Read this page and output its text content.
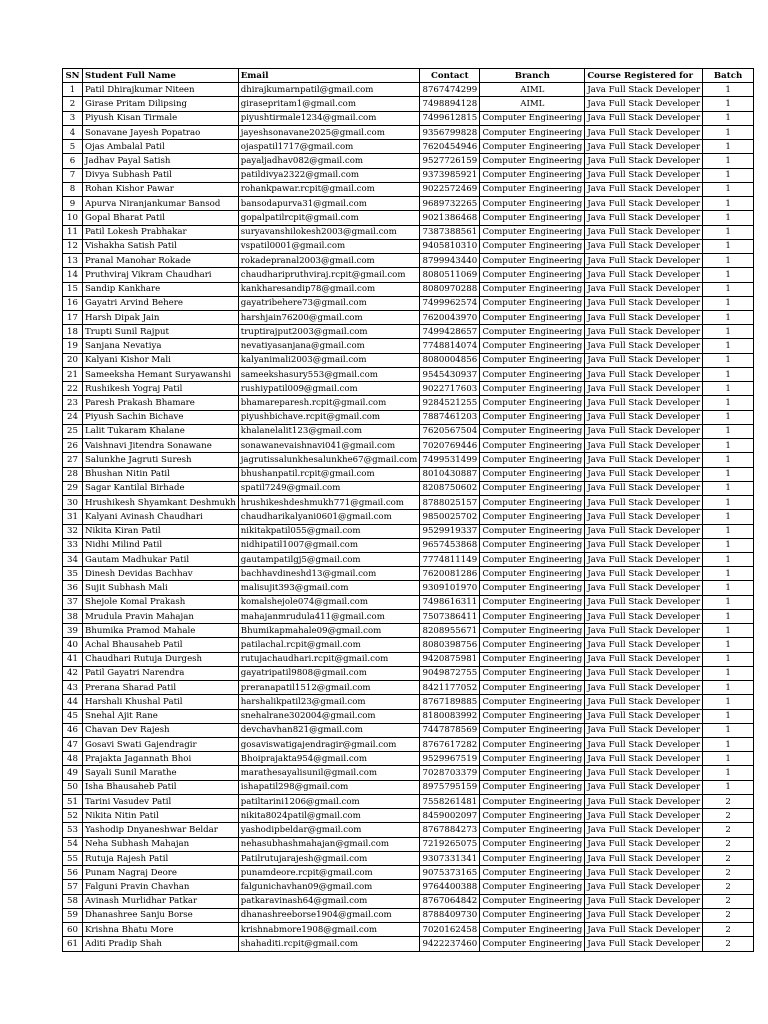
SN	Student Full Name	Email	Contact	Branch	Course Registered for	Batch
1	Patil Dhirajkumar Niteen	dhirajkumarnpatil@gmail.com	8767474299	AIML	Java Full Stack Developer	1
2	Girase Pritam Dilipsing	girasepritam1@gmail.com	7498894128	AIML	Java Full Stack Developer	1
3	Piyush Kisan Tirmale	piyushtirmale1234@gmail.com	7499612815	Computer Engineering	Java Full Stack Developer	1
4	Sonavane Jayesh Popatrao	jayeshsonavane2025@gmail.com	9356799828	Computer Engineering	Java Full Stack Developer	1
5	Ojas Ambalal Patil	ojaspatil1717@gmail.com	7620454946	Computer Engineering	Java Full Stack Developer	1
6	Jadhav Payal Satish	payaljadhav082@gmail.com	9527726159	Computer Engineering	Java Full Stack Developer	1
7	Divya Subhash Patil	patildivya2322@gmail.com	9373985921	Computer Engineering	Java Full Stack Developer	1
8	Rohan Kishor Pawar	rohankpawar.rcpit@gmail.com	9022572469	Computer Engineering	Java Full Stack Developer	1
9	Apurva Niranjankumar Bansod	bansodapurva31@gmail.com	9689732265	Computer Engineering	Java Full Stack Developer	1
10	Gopal Bharat Patil	gopalpatilrcpit@gmail.com	9021386468	Computer Engineering	Java Full Stack Developer	1
11	Patil Lokesh Prabhakar	suryavanshilokesh2003@gmail.com	7387388561	Computer Engineering	Java Full Stack Developer	1
12	Vishakha Satish Patil	vspatil0001@gmail.com	9405810310	Computer Engineering	Java Full Stack Developer	1
13	Pranal Manohar Rokade	rokadepranal2003@gmail.com	8799943440	Computer Engineering	Java Full Stack Developer	1
14	Pruthviraj Vikram Chaudhari	chaudharipruthviraj.rcpit@gmail.com	8080511069	Computer Engineering	Java Full Stack Developer	1
15	Sandip Kankhare	kankharesandip78@gmail.com	8080970288	Computer Engineering	Java Full Stack Developer	1
16	Gayatri Arvind Behere	gayatribehere73@gmail.com	7499962574	Computer Engineering	Java Full Stack Developer	1
17	Harsh Dipak Jain	harshjain76200@gmail.com	7620043970	Computer Engineering	Java Full Stack Developer	1
18	Trupti Sunil Rajput	truptirajput2003@gmail.com	7499428657	Computer Engineering	Java Full Stack Developer	1
19	Sanjana Nevatiya	nevatiyasanjana@gmail.com	7748814074	Computer Engineering	Java Full Stack Developer	1
20	Kalyani Kishor Mali	kalyanimali2003@gmail.com	8080004856	Computer Engineering	Java Full Stack Developer	1
21	Sameeksha Hemant Suryawanshi	sameekshasury553@gmail.com	9545430937	Computer Engineering	Java Full Stack Developer	1
22	Rushikesh Yograj Patil	rushiypatil009@gmail.com	9022717603	Computer Engineering	Java Full Stack Developer	1
23	Paresh Prakash Bhamare	bhamareparesh.rcpit@gmail.com	9284521255	Computer Engineering	Java Full Stack Developer	1
24	Piyush Sachin Bichave	piyushbichave.rcpit@gmail.com	7887461203	Computer Engineering	Java Full Stack Developer	1
25	Lalit Tukaram Khalane	khalanelalit123@gmail.com	7620567504	Computer Engineering	Java Full Stack Developer	1
26	Vaishnavi Jitendra Sonawane	sonawanevaishnavi041@gmail.com	7020769446	Computer Engineering	Java Full Stack Developer	1
27	Salunkhe Jagruti Suresh	jagrutissalunkhesalunkhe67@gmail.com	7499531499	Computer Engineering	Java Full Stack Developer	1
28	Bhushan Nitin Patil	bhushanpatil.rcpit@gmail.com	8010430887	Computer Engineering	Java Full Stack Developer	1
29	Sagar Kantilal Birhade	spatil7249@gmail.com	8208750602	Computer Engineering	Java Full Stack Developer	1
30	Hrushikesh Shyamkant Deshmukh	hrushikeshdeshmukh771@gmail.com	8788025157	Computer Engineering	Java Full Stack Developer	1
31	Kalyani Avinash Chaudhari	chaudharikalyani0601@gmail.com	9850025702	Computer Engineering	Java Full Stack Developer	1
32	Nikita Kiran Patil	nikitakpatil055@gmail.com	9529919337	Computer Engineering	Java Full Stack Developer	1
33	Nidhi Milind Patil	nidhipatil1007@gmail.com	9657453868	Computer Engineering	Java Full Stack Developer	1
34	Gautam Madhukar Patil	gautampatilgj5@gmail.com	7774811149	Computer Engineering	Java Full Stack Developer	1
35	Dinesh Devidas Bachhav	bachhavdineshd13@gmail.com	7620081286	Computer Engineering	Java Full Stack Developer	1
36	Sujit Subhash Mali	malisujit393@gmail.com	9309101970	Computer Engineering	Java Full Stack Developer	1
37	Shejole Komal Prakash	komalshejole074@gmail.com	7498616311	Computer Engineering	Java Full Stack Developer	1
38	Mrudula Pravin Mahajan	mahajanmrudula411@gmail.com	7507386411	Computer Engineering	Java Full Stack Developer	1
39	Bhumika Pramod Mahale	Bhumikapmahale09@gmail.com	8208955671	Computer Engineering	Java Full Stack Developer	1
40	Achal Bhausaheb Patil	patilachal.rcpit@gmail.com	8080398756	Computer Engineering	Java Full Stack Developer	1
41	Chaudhari Rutuja Durgesh	rutujachaudhari.rcpit@gmail.com	9420875981	Computer Engineering	Java Full Stack Developer	1
42	Patil Gayatri Narendra	gayatripatil9808@gmail.com	9049872755	Computer Engineering	Java Full Stack Developer	1
43	Prerana Sharad Patil	preranapatil1512@gmail.com	8421177052	Computer Engineering	Java Full Stack Developer	1
44	Harshali Khushal Patil	harshalikpatil23@gmail.com	8767189885	Computer Engineering	Java Full Stack Developer	1
45	Snehal Ajit Rane	snehalrane302004@gmail.com	8180083992	Computer Engineering	Java Full Stack Developer	1
46	Chavan Dev Rajesh	devchavhan821@gmail.com	7447878569	Computer Engineering	Java Full Stack Developer	1
47	Gosavi Swati Gajendragir	gosaviswatigajendragir@gmail.com	8767617282	Computer Engineering	Java Full Stack Developer	1
48	Prajakta Jagannath Bhoi	Bhoiprajakta954@gmail.com	9529967519	Computer Engineering	Java Full Stack Developer	1
49	Sayali Sunil Marathe	marathesayalisunil@gmail.com	7028703379	Computer Engineering	Java Full Stack Developer	1
50	Isha Bhausaheb Patil	ishapatil298@gmail.com	8975795159	Computer Engineering	Java Full Stack Developer	1
51	Tarini Vasudev Patil	patiltarini1206@gmail.com	7558261481	Computer Engineering	Java Full Stack Developer	2
52	Nikita Nitin Patil	nikita8024patil@gmail.com	8459002097	Computer Engineering	Java Full Stack Developer	2
53	Yashodip Dnyaneshwar Beldar	yashodipbeldar@gmail.com	8767884273	Computer Engineering	Java Full Stack Developer	2
54	Neha Subhash Mahajan	nehasubhashmahajan@gmail.com	7219265075	Computer Engineering	Java Full Stack Developer	2
55	Rutuja Rajesh Patil	Patilrutujarajesh@gmail.com	9307331341	Computer Engineering	Java Full Stack Developer	2
56	Punam Nagraj Deore	punamdeore.rcpit@gmail.com	9075373165	Computer Engineering	Java Full Stack Developer	2
57	Falguni Pravin Chavhan	falgunichavhan09@gmail.com	9764400388	Computer Engineering	Java Full Stack Developer	2
58	Avinash Murlidhar Patkar	patkaravinash64@gmail.com	8767064842	Computer Engineering	Java Full Stack Developer	2
59	Dhanashree Sanju Borse	dhanashreeborse1904@gmail.com	8788409730	Computer Engineering	Java Full Stack Developer	2
60	Krishna Bhatu More	krishnabmore1908@gmail.com	7020162458	Computer Engineering	Java Full Stack Developer	2
61	Aditi Pradip Shah	shahaditi.rcpit@gmail.com	9422237460	Computer Engineering	Java Full Stack Developer	2
